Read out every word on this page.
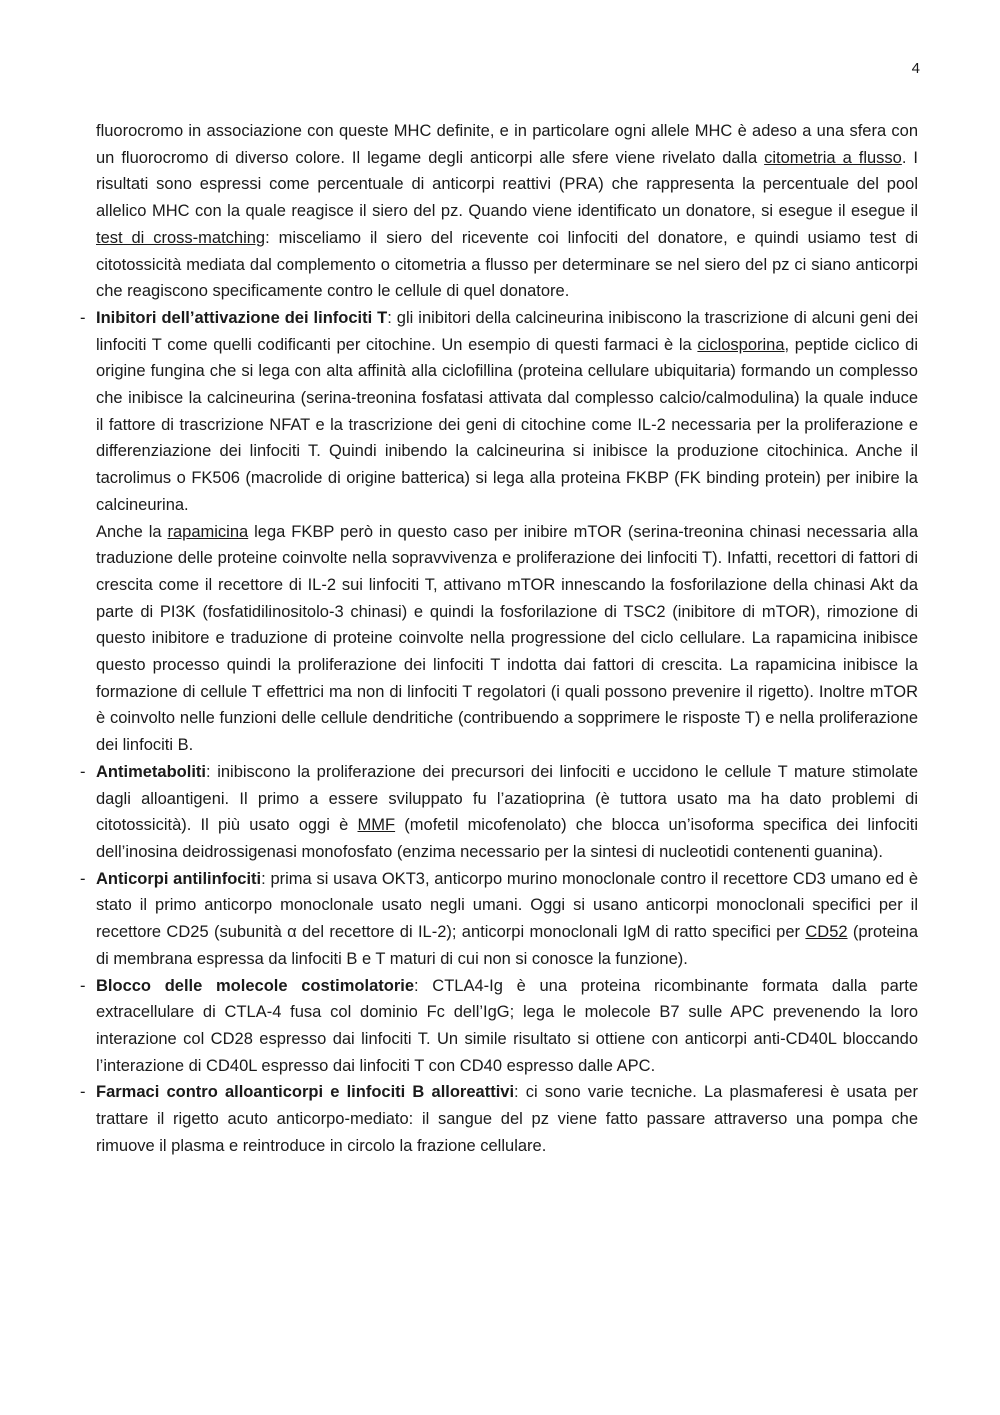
4

fluorocromo in associazione con queste MHC definite, e in particolare ogni allele MHC è adeso a una sfera con un fluorocromo di diverso colore. Il legame degli anticorpi alle sfere viene rivelato dalla citometria a flusso. I risultati sono espressi come percentuale di anticorpi reattivi (PRA) che rappresenta la percentuale del pool allelico MHC con la quale reagisce il siero del pz. Quando viene identificato un donatore, si esegue il esegue il test di cross-matching: misceliamo il siero del ricevente coi linfociti del donatore, e quindi usiamo test di citotossicità mediata dal complemento o citometria a flusso per determinare se nel siero del pz ci siano anticorpi che reagiscono specificamente contro le cellule di quel donatore.

- Inibitori dell’attivazione dei linfociti T: gli inibitori della calcineurina inibiscono la trascrizione di alcuni geni dei linfociti T come quelli codificanti per citochine. Un esempio di questi farmaci è la ciclosporina, peptide ciclico di origine fungina che si lega con alta affinità alla ciclofillina (proteina cellulare ubiquitaria) formando un complesso che inibisce la calcineurina (serina-treonina fosfatasi attivata dal complesso calcio/calmodulina) la quale induce il fattore di trascrizione NFAT e la trascrizione dei geni di citochine come IL-2 necessaria per la proliferazione e differenziazione dei linfociti T. Quindi inibendo la calcineurina si inibisce la produzione citochinica. Anche il tacrolimus o FK506 (macrolide di origine batterica) si lega alla proteina FKBP (FK binding protein) per inibire la calcineurina.

Anche la rapamicina lega FKBP però in questo caso per inibire mTOR (serina-treonina chinasi necessaria alla traduzione delle proteine coinvolte nella sopravvivenza e proliferazione dei linfociti T). Infatti, recettori di fattori di crescita come il recettore di IL-2 sui linfociti T, attivano mTOR innescando la fosforilazione della chinasi Akt da parte di PI3K (fosfatidilinositolo-3 chinasi) e quindi la fosforilazione di TSC2 (inibitore di mTOR), rimozione di questo inibitore e traduzione di proteine coinvolte nella progressione del ciclo cellulare. La rapamicina inibisce questo processo quindi la proliferazione dei linfociti T indotta dai fattori di crescita. La rapamicina inibisce la formazione di cellule T effettrici ma non di linfociti T regolatori (i quali possono prevenire il rigetto). Inoltre mTOR è coinvolto nelle funzioni delle cellule dendritiche (contribuendo a sopprimere le risposte T) e nella proliferazione dei linfociti B.

- Antimetaboliti: inibiscono la proliferazione dei precursori dei linfociti e uccidono le cellule T mature stimolate dagli alloantigeni. Il primo a essere sviluppato fu l’azatioprina (è tuttora usato ma ha dato problemi di citotossicità). Il più usato oggi è MMF (mofetil micofenolato) che blocca un’isoforma specifica dei linfociti dell’inosina deidrossigenasi monofosfato (enzima necessario per la sintesi di nucleotidi contenenti guanina).

- Anticorpi antilinfociti: prima si usava OKT3, anticorpo murino monoclonale contro il recettore CD3 umano ed è stato il primo anticorpo monoclonale usato negli umani. Oggi si usano anticorpi monoclonali specifici per il recettore CD25 (subunità α del recettore di IL-2); anticorpi monoclonali IgM di ratto specifici per CD52 (proteina di membrana espressa da linfociti B e T maturi di cui non si conosce la funzione).

- Blocco delle molecole costimolatorie: CTLA4-Ig è una proteina ricombinante formata dalla parte extracellulare di CTLA-4 fusa col dominio Fc dell’IgG; lega le molecole B7 sulle APC prevenendo la loro interazione col CD28 espresso dai linfociti T. Un simile risultato si ottiene con anticorpi anti-CD40L bloccando l’interazione di CD40L espresso dai linfociti T con CD40 espresso dalle APC.

- Farmaci contro alloanticorpi e linfociti B alloreattivi: ci sono varie tecniche. La plasmaferesi è usata per trattare il rigetto acuto anticorpo-mediato: il sangue del pz viene fatto passare attraverso una pompa che rimuove il plasma e reintroduce in circolo la frazione cellulare.
